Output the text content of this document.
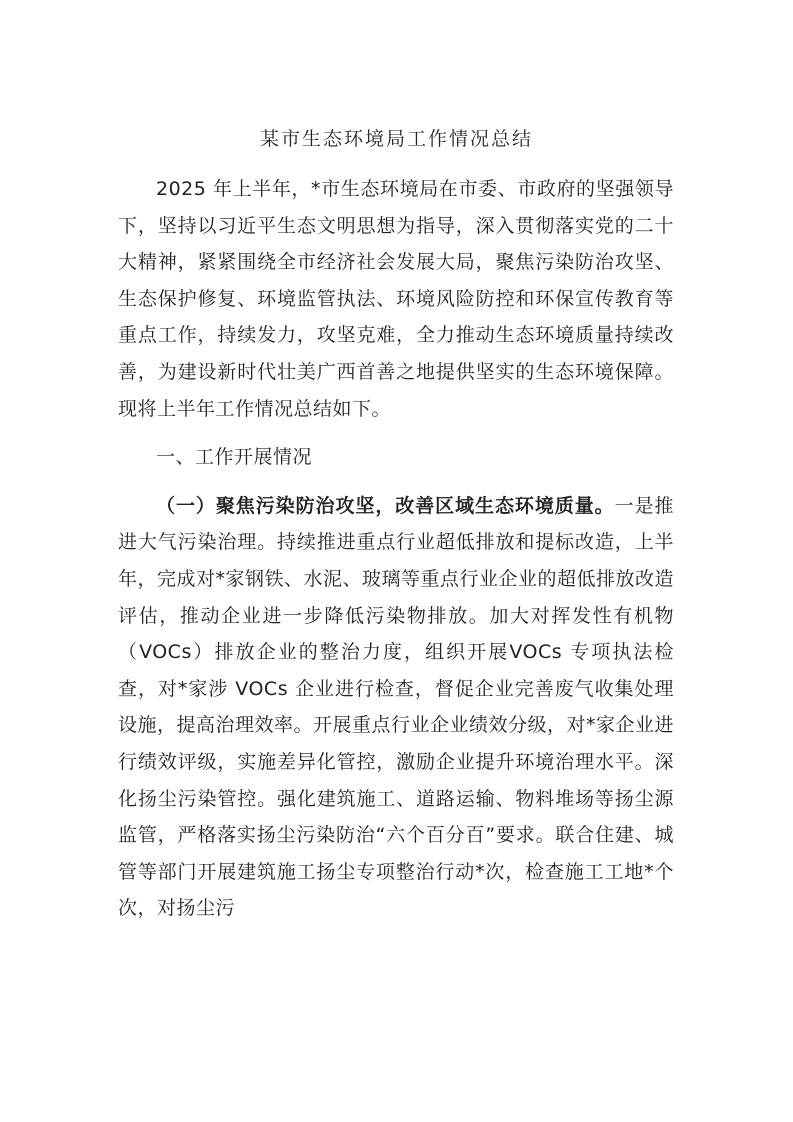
某市生态环境局工作情况总结

2025 年上半年，*市生态环境局在市委、市政府的坚强领导下，坚持以习近平生态文明思想为指导，深入贯彻落实党的二十大精神，紧紧围绕全市经济社会发展大局，聚焦污染防治攻坚、生态保护修复、环境监管执法、环境风险防控和环保宣传教育等重点工作，持续发力，攻坚克难，全力推动生态环境质量持续改善，为建设新时代壮美广西首善之地提供坚实的生态环境保障。现将上半年工作情况总结如下。

一、工作开展情况

（一）聚焦污染防治攻坚，改善区域生态环境质量。一是推进大气污染治理。持续推进重点行业超低排放和提标改造，上半年，完成对*家钢铁、水泥、玻璃等重点行业企业的超低排放改造评估，推动企业进一步降低污染物排放。加大对挥发性有机物（VOCs）排放企业的整治力度，组织开展VOCs 专项执法检查，对*家涉 VOCs 企业进行检查，督促企业完善废气收集处理设施，提高治理效率。开展重点行业企业绩效分级，对*家企业进行绩效评级，实施差异化管控，激励企业提升环境治理水平。深化扬尘污染管控。强化建筑施工、道路运输、物料堆场等扬尘源监管，严格落实扬尘污染防治“六个百分百”要求。联合住建、城管等部门开展建筑施工扬尘专项整治行动*次，检查施工工地*个次，对扬尘污
